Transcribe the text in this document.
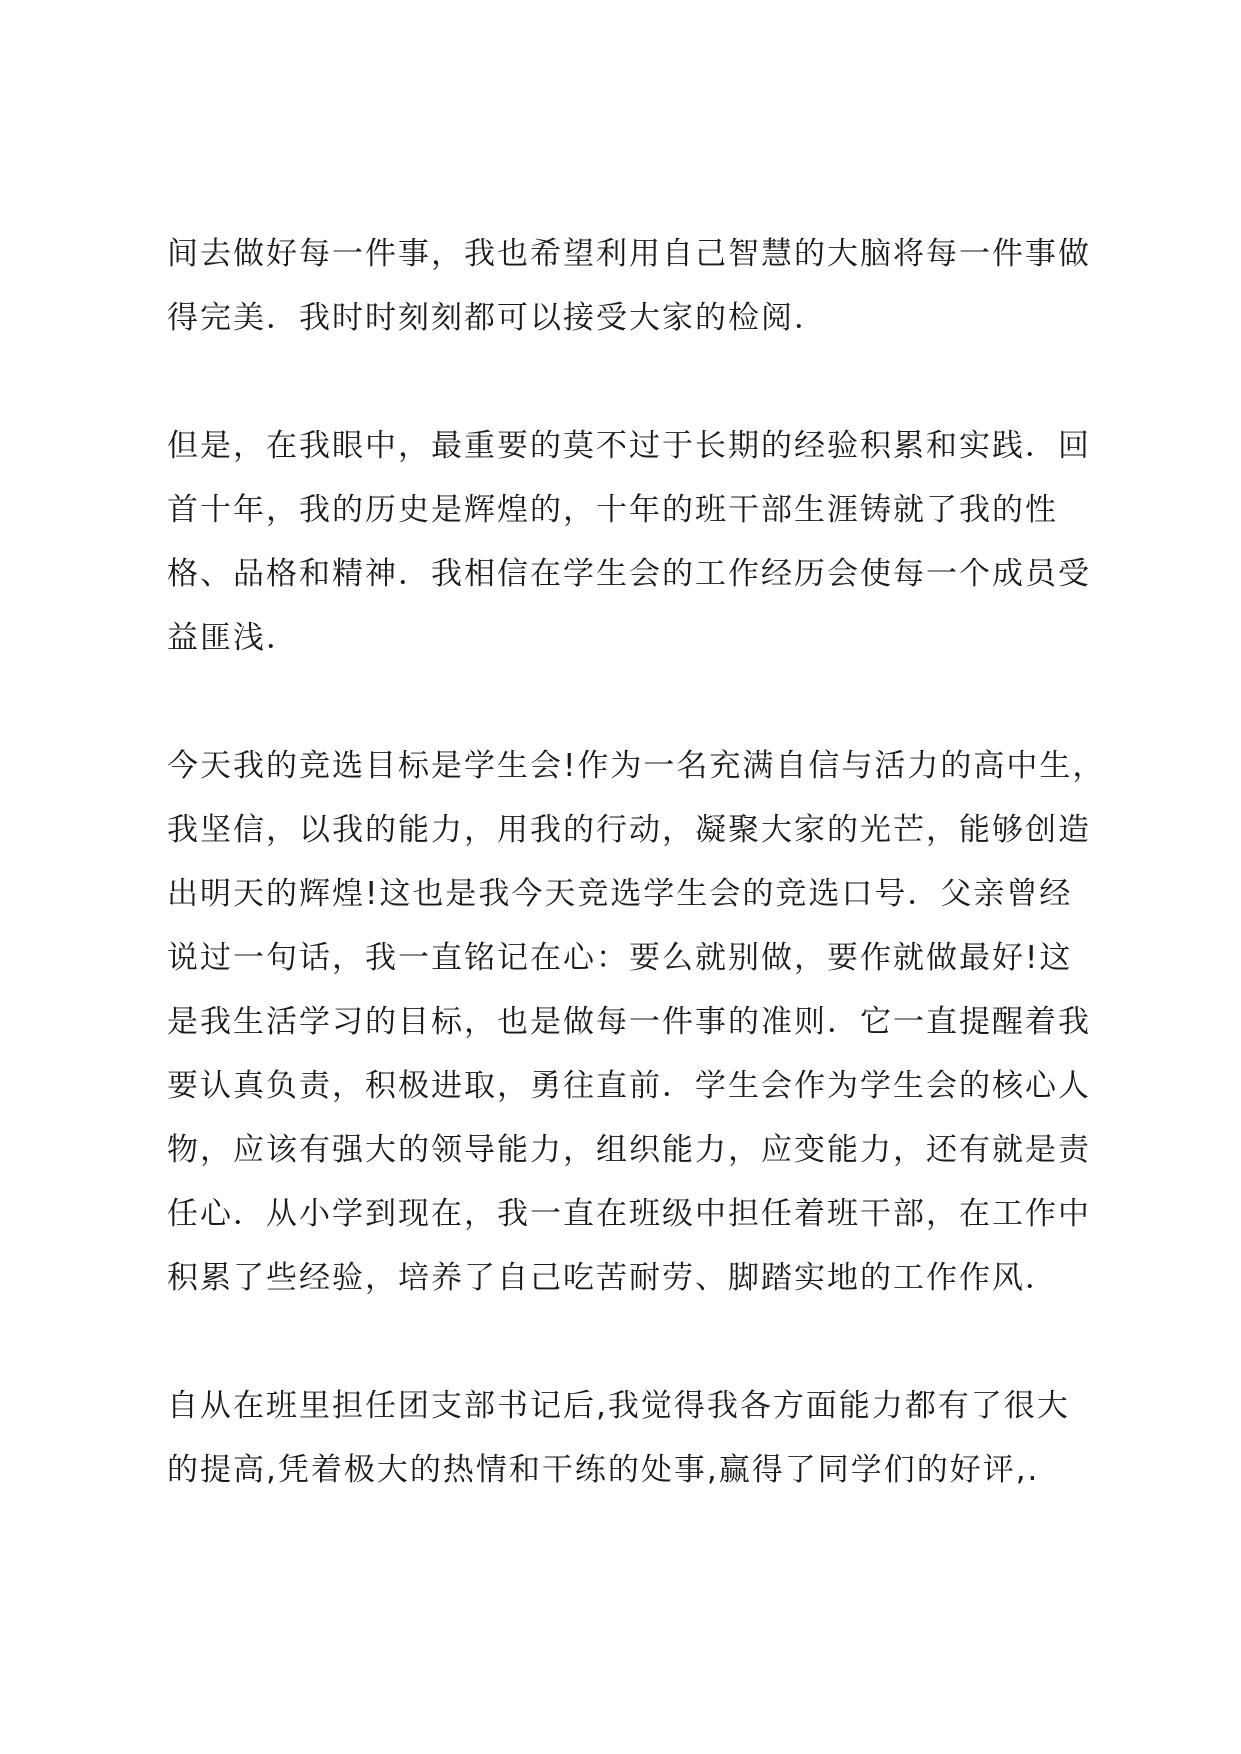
间去做好每一件事，我也希望利用自己智慧的大脑将每一件事做
得完美．我时时刻刻都可以接受大家的检阅．

但是，在我眼中，最重要的莫不过于长期的经验积累和实践．回
首十年，我的历史是辉煌的，十年的班干部生涯铸就了我的性
格、品格和精神．我相信在学生会的工作经历会使每一个成员受
益匪浅．

今天我的竞选目标是学生会!作为一名充满自信与活力的高中生，
我坚信，以我的能力，用我的行动，凝聚大家的光芒，能够创造
出明天的辉煌!这也是我今天竞选学生会的竞选口号．父亲曾经
说过一句话，我一直铭记在心：要么就别做，要作就做最好!这
是我生活学习的目标，也是做每一件事的准则．它一直提醒着我
要认真负责，积极进取，勇往直前．学生会作为学生会的核心人
物，应该有强大的领导能力，组织能力，应变能力，还有就是责
任心．从小学到现在，我一直在班级中担任着班干部，在工作中
积累了些经验，培养了自己吃苦耐劳、脚踏实地的工作作风．

自从在班里担任团支部书记后,我觉得我各方面能力都有了很大
的提高,凭着极大的热情和干练的处事,赢得了同学们的好评,.
